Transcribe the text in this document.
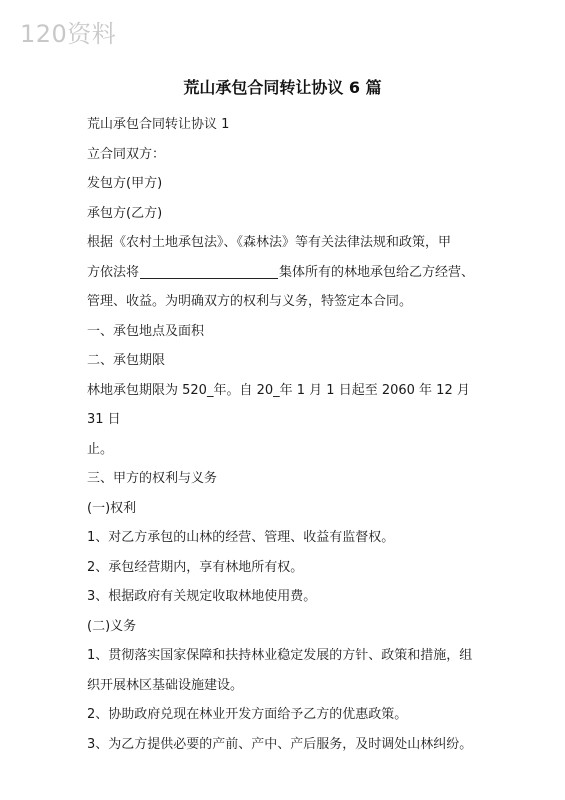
120资料
荒山承包合同转让协议 6 篇

荒山承包合同转让协议 1

立合同双方：

发包方(甲方)

承包方(乙方)

根据《农村土地承包法》、《森林法》等有关法律法规和政策，甲

方依法将	集体所有的林地承包给乙方经营、

管理、收益。为明确双方的权利与义务，特签定本合同。

一、承包地点及面积

二、承包期限

林地承包期限为 520_年。自 20_年 1 月 1 日起至 2060 年 12 月 31 日

止。

三、甲方的权利与义务

(一)权利

1、对乙方承包的山林的经营、管理、收益有监督权。

2、承包经营期内，享有林地所有权。

3、根据政府有关规定收取林地使用费。

(二)义务

1、贯彻落实国家保障和扶持林业稳定发展的方针、政策和措施，组

织开展林区基础设施建设。

2、协助政府兑现在林业开发方面给予乙方的优惠政策。

3、为乙方提供必要的产前、产中、产后服务，及时调处山林纠纷。
